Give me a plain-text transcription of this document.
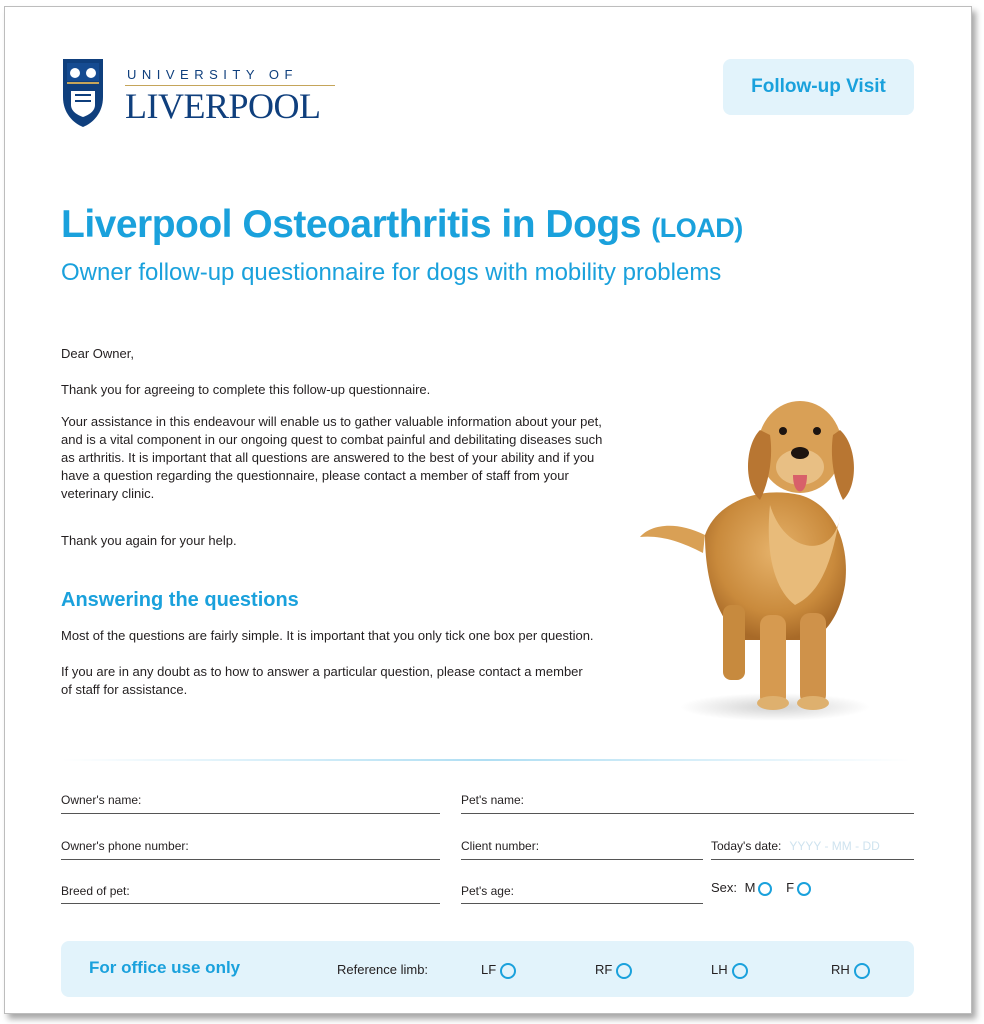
UNIVERSITY OF
LIVERPOOL	Follow-up Visit
Liverpool Osteoarthritis in Dogs (LOAD)
Owner follow-up questionnaire for dogs with mobility problems
Dear Owner,
Thank you for agreeing to complete this follow-up questionnaire.
Your assistance in this endeavour will enable us to gather valuable information about your pet,
and is a vital component in our ongoing quest to combat painful and debilitating diseases such
as arthritis. It is important that all questions are answered to the best of your ability and if you
have a question regarding the questionnaire, please contact a member of staff from your
veterinary clinic.
Thank you again for your help.
Answering the questions
Most of the questions are fairly simple. It is important that you only tick one box per question.
If you are in any doubt as to how to answer a particular question, please contact a member
of staff for assistance.
Owner's name:	Pet's name:
Owner's phone number:	Client number:	Today's date: YYYY - MM - DD
Breed of pet:	Pet's age:	Sex: M F
For office use only	Reference limb:	LF	RF	LH	RH
